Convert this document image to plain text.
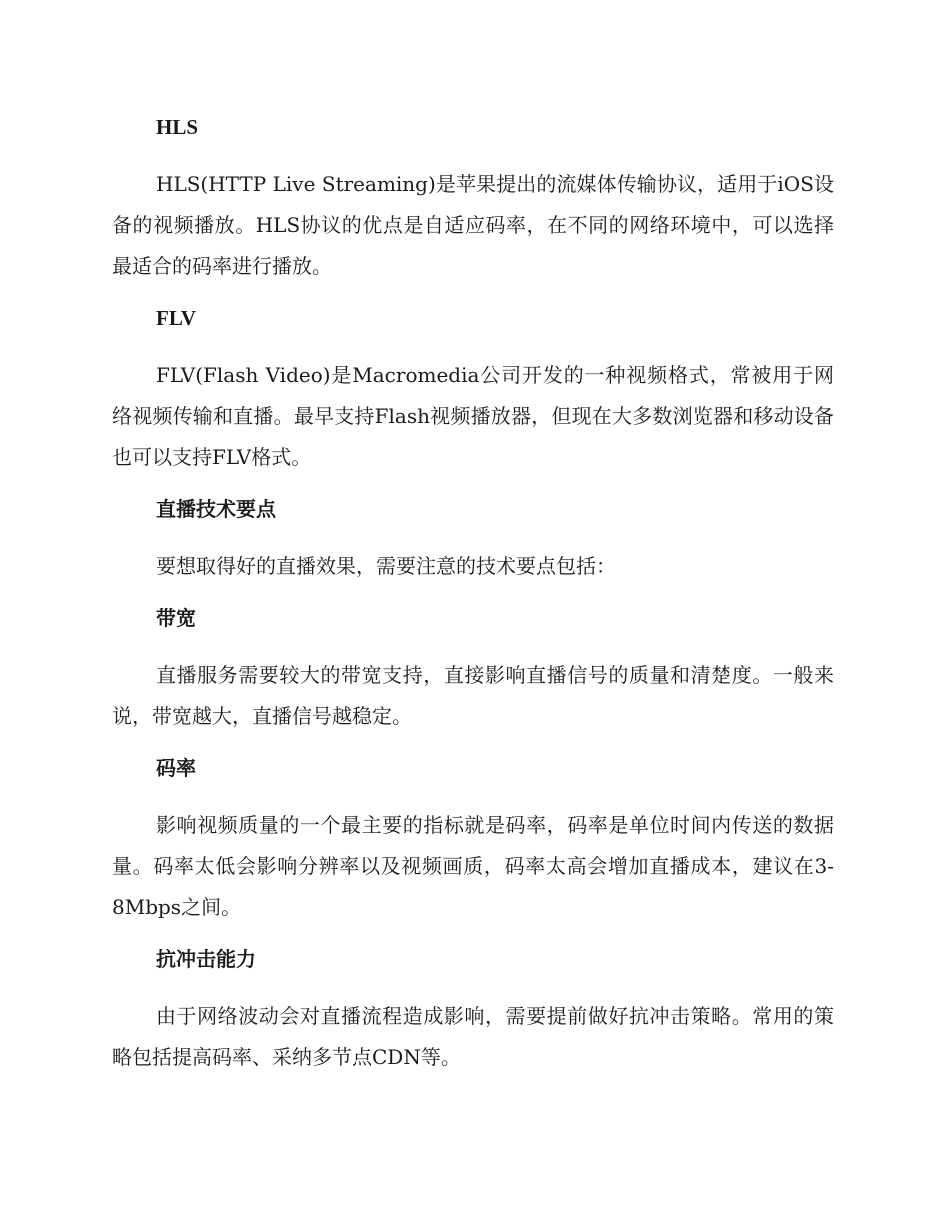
HLS

HLS(HTTP Live Streaming)是苹果提出的流媒体传输协议，适用于iOS设备的视频播放。HLS协议的优点是自适应码率，在不同的网络环境中，可以选择最适合的码率进行播放。

FLV

FLV(Flash Video)是Macromedia公司开发的一种视频格式，常被用于网络视频传输和直播。最早支持Flash视频播放器，但现在大多数浏览器和移动设备也可以支持FLV格式。

直播技术要点

要想取得好的直播效果，需要注意的技术要点包括：

带宽

直播服务需要较大的带宽支持，直接影响直播信号的质量和清楚度。一般来说，带宽越大，直播信号越稳定。

码率

影响视频质量的一个最主要的指标就是码率，码率是单位时间内传送的数据量。码率太低会影响分辨率以及视频画质，码率太高会增加直播成本，建议在3-8Mbps之间。

抗冲击能力

由于网络波动会对直播流程造成影响，需要提前做好抗冲击策略。常用的策略包括提高码率、采纳多节点CDN等。
